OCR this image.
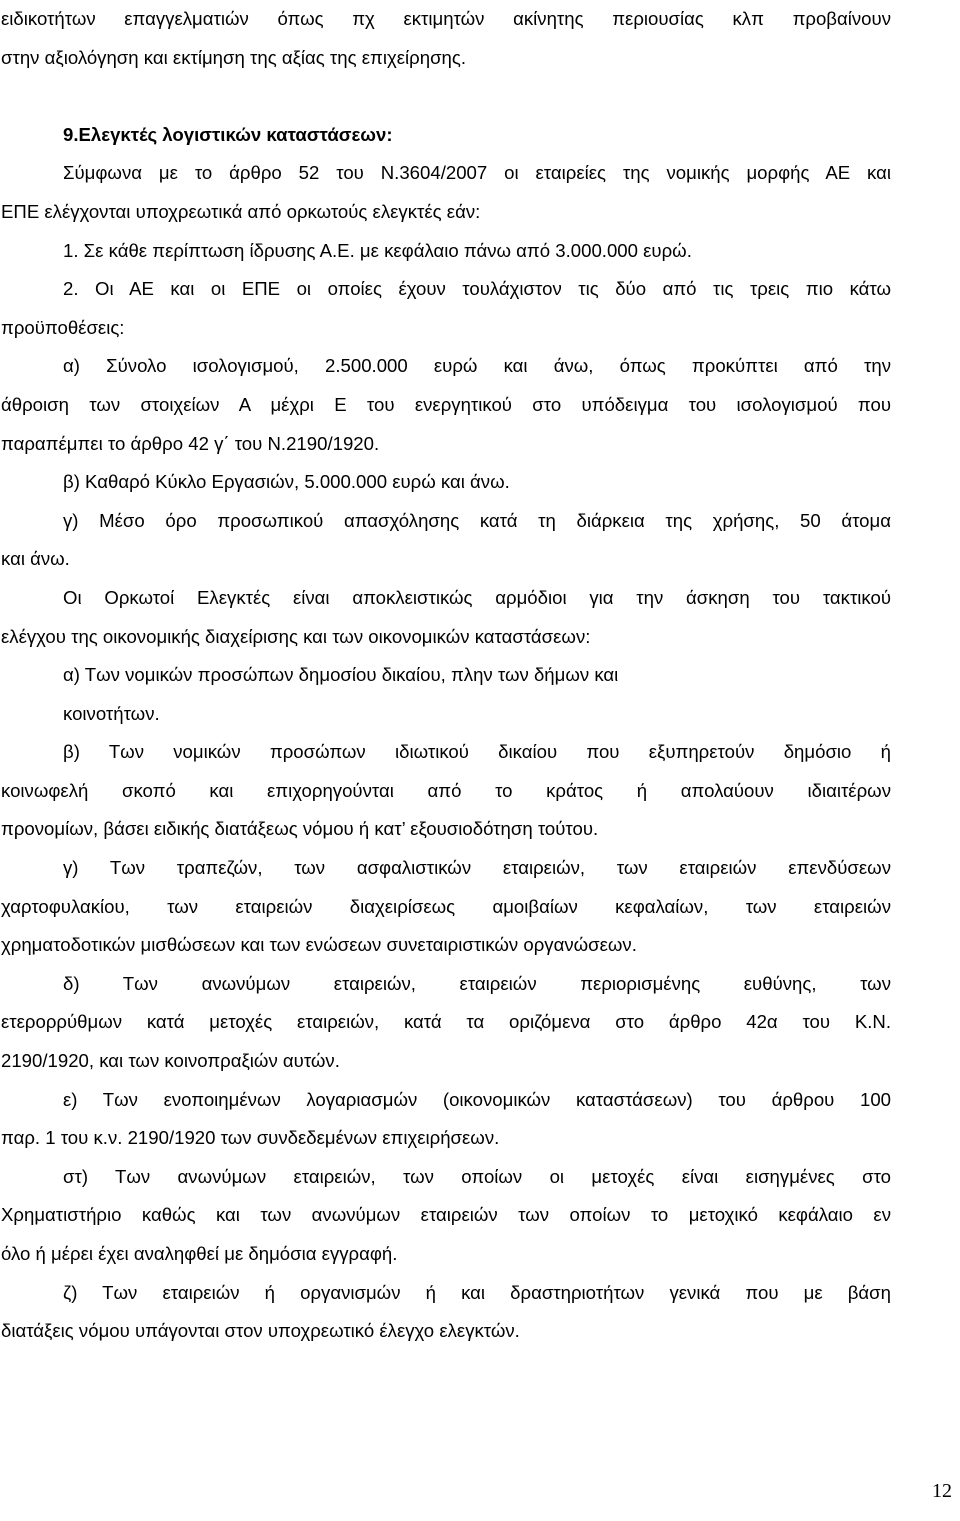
ειδικοτήτων επαγγελματιών όπως πχ εκτιμητών ακίνητης περιουσίας κλπ προβαίνουν

στην αξιολόγηση και εκτίμηση της αξίας της επιχείρησης.

9.Ελεγκτές λογιστικών καταστάσεων:

Σύμφωνα με το άρθρο 52 του Ν.3604/2007 οι εταιρείες της νομικής μορφής ΑΕ και

ΕΠΕ ελέγχονται υποχρεωτικά από ορκωτούς ελεγκτές εάν:

1. Σε κάθε περίπτωση ίδρυσης Α.Ε. με κεφάλαιο πάνω από 3.000.000 ευρώ.

2. Οι ΑΕ και οι ΕΠΕ οι οποίες έχουν τουλάχιστον τις δύο από τις τρεις πιο κάτω

προϋποθέσεις:

α) Σύνολο ισολογισμού, 2.500.000 ευρώ και άνω, όπως προκύπτει από την

άθροιση των στοιχείων Α μέχρι Ε του ενεργητικού στο υπόδειγμα του ισολογισμού που

παραπέμπει το άρθρο 42 γ΄ του Ν.2190/1920.

β) Καθαρό Κύκλο Εργασιών, 5.000.000 ευρώ και άνω.

γ) Μέσο όρο προσωπικού απασχόλησης κατά τη διάρκεια της χρήσης, 50 άτομα

και άνω.

Οι Ορκωτοί Ελεγκτές είναι αποκλειστικώς αρμόδιοι για την άσκηση του τακτικού

ελέγχου της οικονομικής διαχείρισης και των οικονομικών καταστάσεων:

α) Των νομικών προσώπων δημοσίου δικαίου, πλην των δήμων και

κοινοτήτων.

β) Των νομικών προσώπων ιδιωτικού δικαίου που εξυπηρετούν δημόσιο ή

κοινωφελή σκοπό και επιχορηγούνται από το κράτος ή απολαύουν ιδιαιτέρων

προνομίων, βάσει ειδικής διατάξεως νόμου ή κατ’ εξουσιοδότηση τούτου.

γ) Των τραπεζών, των ασφαλιστικών εταιρειών, των εταιρειών επενδύσεων

χαρτοφυλακίου, των εταιρειών διαχειρίσεως αμοιβαίων κεφαλαίων, των εταιρειών

χρηματοδοτικών μισθώσεων και των ενώσεων συνεταιριστικών οργανώσεων.

δ) Των ανωνύμων εταιρειών, εταιρειών περιορισμένης ευθύνης, των

ετερορρύθμων κατά μετοχές εταιρειών, κατά τα οριζόμενα στο άρθρο 42α του Κ.Ν.

2190/1920, και των κοινοπραξιών αυτών.

ε) Των ενοποιημένων λογαριασμών (οικονομικών καταστάσεων) του άρθρου 100

παρ. 1 του κ.ν. 2190/1920 των συνδεδεμένων επιχειρήσεων.

στ) Των ανωνύμων εταιρειών, των οποίων οι μετοχές είναι εισηγμένες στο

Χρηματιστήριο καθώς και των ανωνύμων εταιρειών των οποίων το μετοχικό κεφάλαιο εν

όλο ή μέρει έχει αναληφθεί με δημόσια εγγραφή.

ζ) Των εταιρειών ή οργανισμών ή και δραστηριοτήτων γενικά που με βάση

διατάξεις νόμου υπάγονται στον υποχρεωτικό έλεγχο ελεγκτών.

12
